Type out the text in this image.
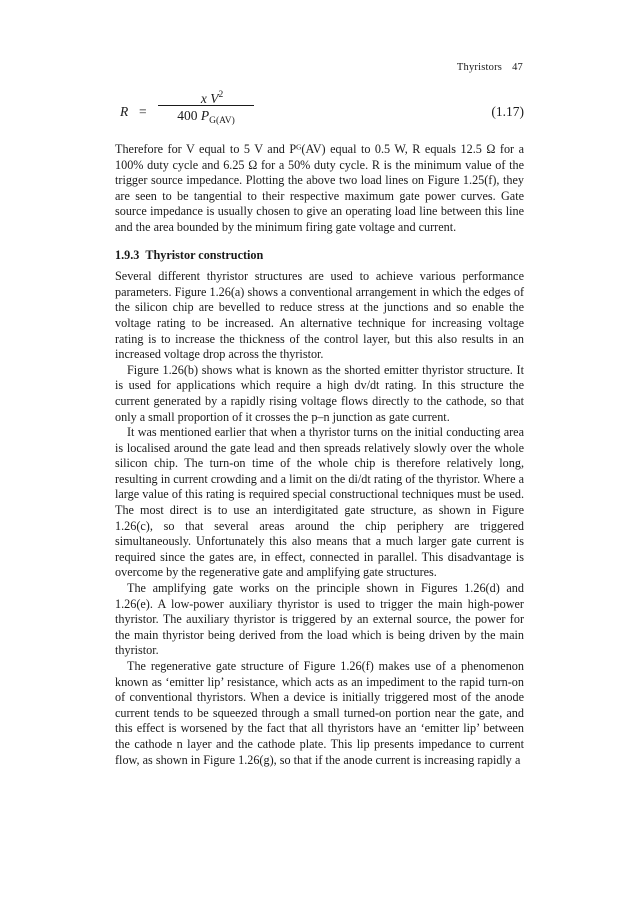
Thyristors 47
R =
x $V^2$
400 $P_{G(AV)}$
(1.17)

Therefore for V equal to 5 V and Pᴳ(AV) equal to 0.5 W, R equals 12.5 Ω for a 100% duty cycle and 6.25 Ω for a 50% duty cycle. R is the minimum value of the trigger source impedance. Plotting the above two load lines on Figure 1.25(f), they are seen to be tangential to their respective maximum gate power curves. Gate source impedance is usually chosen to give an operating load line between this line and the area bounded by the minimum firing gate voltage and current.

1.9.3 Thyristor construction

Several different thyristor structures are used to achieve various performance parameters. Figure 1.26(a) shows a conventional arrangement in which the edges of the silicon chip are bevelled to reduce stress at the junctions and so enable the voltage rating to be increased. An alternative technique for increasing voltage rating is to increase the thickness of the control layer, but this also results in an increased voltage drop across the thyristor.

Figure 1.26(b) shows what is known as the shorted emitter thyristor structure. It is used for applications which require a high dv/dt rating. In this structure the current generated by a rapidly rising voltage flows directly to the cathode, so that only a small proportion of it crosses the p–n junction as gate current.

It was mentioned earlier that when a thyristor turns on the initial conducting area is localised around the gate lead and then spreads relatively slowly over the whole silicon chip. The turn-on time of the whole chip is therefore relatively long, resulting in current crowding and a limit on the di/dt rating of the thyristor. Where a large value of this rating is required special constructional techniques must be used. The most direct is to use an interdigitated gate structure, as shown in Figure 1.26(c), so that several areas around the chip periphery are triggered simultaneously. Unfortunately this also means that a much larger gate current is required since the gates are, in effect, connected in parallel. This disadvantage is overcome by the regenerative gate and amplifying gate structures.

The amplifying gate works on the principle shown in Figures 1.26(d) and 1.26(e). A low-power auxiliary thyristor is used to trigger the main high-power thyristor. The auxiliary thyristor is triggered by an external source, the power for the main thyristor being derived from the load which is being driven by the main thyristor.

The regenerative gate structure of Figure 1.26(f) makes use of a phenomenon known as ‘emitter lip’ resistance, which acts as an impediment to the rapid turn-on of conventional thyristors. When a device is initially triggered most of the anode current tends to be squeezed through a small turned-on portion near the gate, and this effect is worsened by the fact that all thyristors have an ‘emitter lip’ between the cathode n layer and the cathode plate. This lip presents impedance to current flow, as shown in Figure 1.26(g), so that if the anode current is increasing rapidly a
